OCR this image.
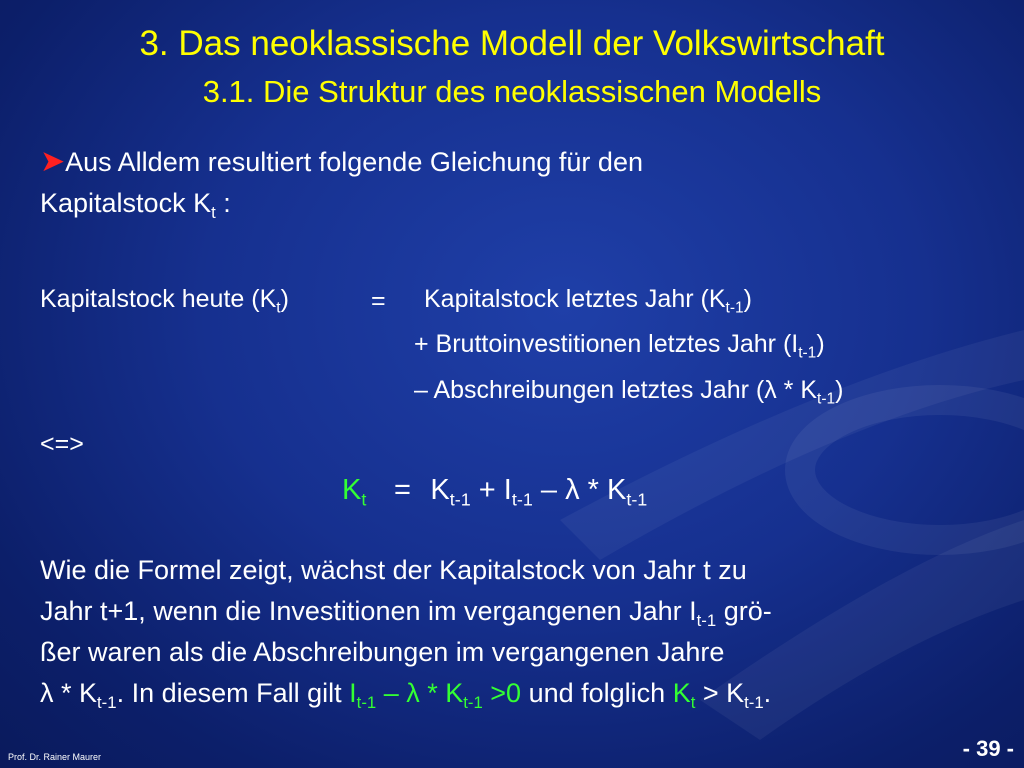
3. Das neoklassische Modell der Volkswirtschaft
3.1. Die Struktur des neoklassischen Modells
➤Aus Alldem resultiert folgende Gleichung für den
Kapitalstock $K_t$ :
Kapitalstock heute $(K_t)$	= Kapitalstock letztes Jahr $(K_{t-1})$
+ Bruttoinvestitionen letztes Jahr $(I_{t-1})$
– Abschreibungen letztes Jahr $(\lambda * K_{t-1})$
<=>
$K_t = K_{t-1} + I_{t-1} - \lambda * K_{t-1}$
Wie die Formel zeigt, wächst der Kapitalstock von Jahr t zu
Jahr t+1, wenn die Investitionen im vergangenen Jahr $I_{t-1}$ grö-
ßer waren als die Abschreibungen im vergangenen Jahre
λ * $K_{t-1}$. In diesem Fall gilt $I_{t-1} - \lambda * K_{t-1} >0$ und folglich $K_t > K_{t-1}$.
Prof. Dr. Rainer Maurer	- 39 -
